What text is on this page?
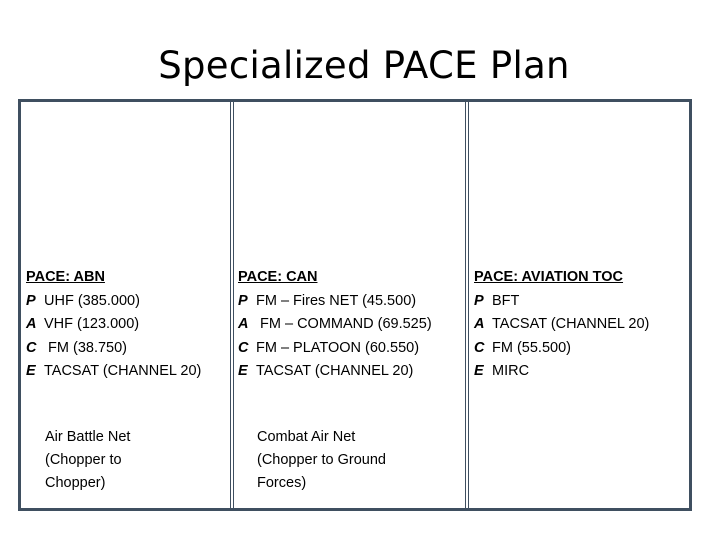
Specialized PACE Plan
PACE: ABN
P UHF (385.000)
A VHF (123.000)
C FM (38.750)
E TACSAT (CHANNEL 20)
Air Battle Net
(Chopper to
Chopper)
PACE: CAN
P FM – Fires NET (45.500)
A FM – COMMAND (69.525)
C FM – PLATOON (60.550)
E TACSAT (CHANNEL 20)
Combat Air Net
(Chopper to Ground
Forces)
PACE: AVIATION TOC
P BFT
A TACSAT (CHANNEL 20)
C FM (55.500)
E MIRC
